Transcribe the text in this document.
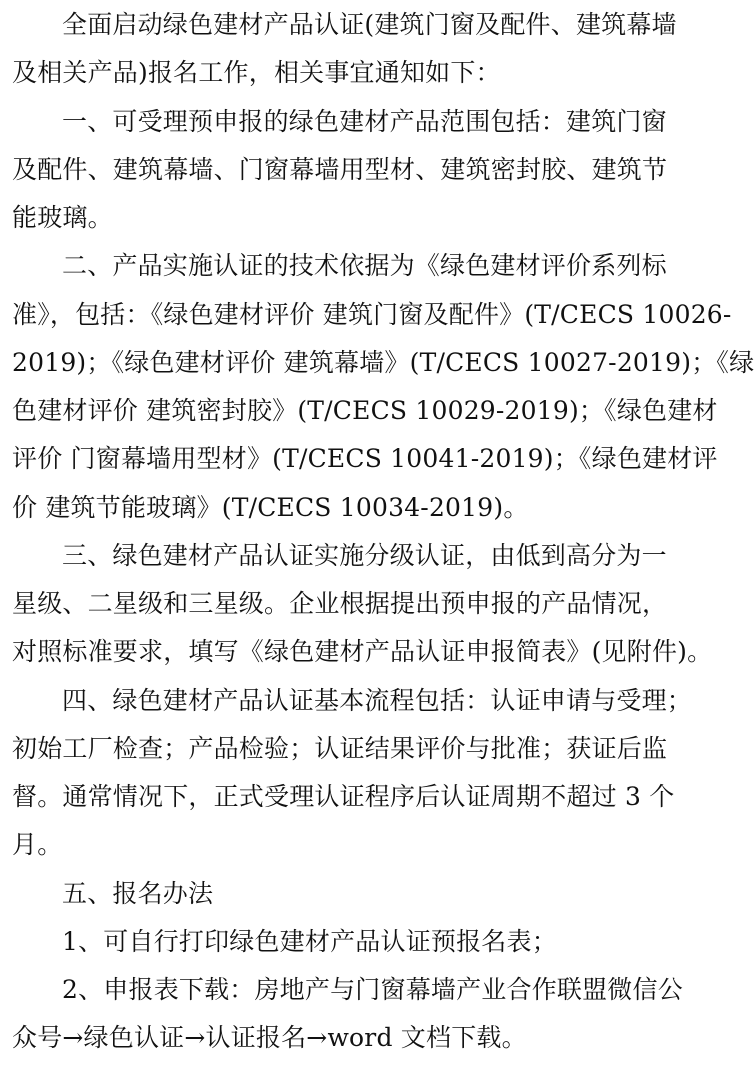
全面启动绿色建材产品认证(建筑门窗及配件、建筑幕墙
及相关产品)报名工作，相关事宜通知如下：
一、可受理预申报的绿色建材产品范围包括：建筑门窗
及配件、建筑幕墙、门窗幕墙用型材、建筑密封胶、建筑节
能玻璃。
二、产品实施认证的技术依据为《绿色建材评价系列标
准》，包括：《绿色建材评价 建筑门窗及配件》(T/CECS 10026-
2019)；《绿色建材评价 建筑幕墙》(T/CECS 10027-2019)；《绿
色建材评价 建筑密封胶》(T/CECS 10029-2019)；《绿色建材
评价 门窗幕墙用型材》(T/CECS 10041-2019)；《绿色建材评
价 建筑节能玻璃》(T/CECS 10034-2019)。
三、绿色建材产品认证实施分级认证，由低到高分为一
星级、二星级和三星级。企业根据提出预申报的产品情况，
对照标准要求，填写《绿色建材产品认证申报简表》(见附件)。
四、绿色建材产品认证基本流程包括：认证申请与受理；
初始工厂检查；产品检验；认证结果评价与批准；获证后监
督。通常情况下，正式受理认证程序后认证周期不超过 3 个
月。
五、报名办法
1、可自行打印绿色建材产品认证预报名表；
2、申报表下载：房地产与门窗幕墙产业合作联盟微信公
众号→绿色认证→认证报名→word 文档下载。
